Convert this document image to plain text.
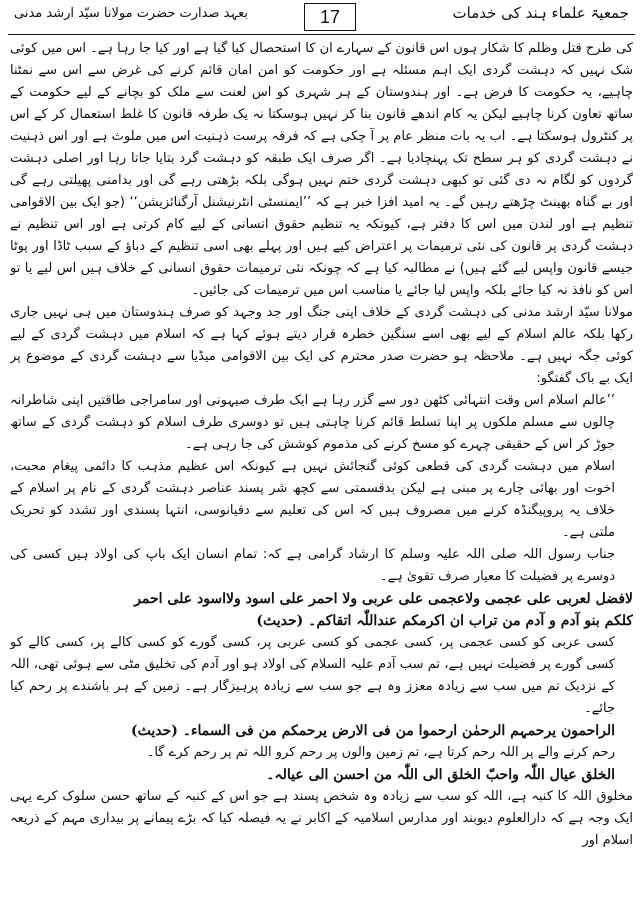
بعہد صدارت حضرت مولانا سیّد ارشد مدنی	17	جمعیۃ علماء ہند کی خدمات

کی طرح قتل وظلم کا شکار ہوں اس قانون کے سہارے ان کا استحصال کیا گیا ہے اور کیا جا رہا ہے۔ اس میں کوئی شک نہیں کہ دہشت گردی ایک اہم مسئلہ ہے اور حکومت کو امن امان قائم کرنے کی غرض سے اس سے نمٹنا چاہیے، یہ حکومت کا فرض ہے۔ اور ہندوستان کے ہر شہری کو اس لعنت سے ملک کو بچانے کے لیے حکومت کے ساتھ تعاون کرنا چاہیے لیکن یہ کام اندھے قانون بنا کر نہیں ہوسکتا نہ یک طرفہ قانون کا غلط استعمال کر کے اس پر کنٹرول ہوسکتا ہے۔ اب یہ بات منظر عام پر آ چکی ہے کہ فرقہ پرست ذہنیت اس میں ملوث ہے اور اس ذہنیت نے دہشت گردی کو ہر سطح تک پہنچادیا ہے۔ اگر صرف ایک طبقہ کو دہشت گرد بتایا جاتا رہا اور اصلی دہشت گردوں کو لگام نہ دی گئی تو کبھی دہشت گردی ختم نہیں ہوگی بلکہ بڑھتی رہے گی اور بدامنی پھیلتی رہے گی اور بے گناہ بھینٹ چڑھتے رہیں گے۔ یہ امید افزا خبر ہے کہ ’’ایمنسٹی انٹرنیشنل آرگنائزیشن‘‘ (جو ایک بین الاقوامی تنظیم ہے اور لندن میں اس کا دفتر ہے، کیونکہ یہ تنظیم حقوق انسانی کے لیے کام کرتی ہے اور اس تنظیم نے دہشت گردی پر قانون کی نئی ترمیمات پر اعتراض کیے ہیں اور پہلے بھی اسی تنظیم کے دباؤ کے سبب ٹاڈا اور پوٹا جیسے قانون واپس لیے گئے ہیں) نے مطالبہ کیا ہے کہ چونکہ نئی ترمیمات حقوق انسانی کے خلاف ہیں اس لیے یا تو اس کو نافذ نہ کیا جائے بلکہ واپس لیا جائے یا مناسب اس میں ترمیمات کی جائیں۔

مولانا سیّد ارشد مدنی کی دہشت گردی کے خلاف اپنی جنگ اور جد وجہد کو صرف ہندوستان میں ہی نہیں جاری رکھا بلکہ عالم اسلام کے لیے بھی اسے سنگین خطرہ قرار دیتے ہوئے کہا ہے کہ اسلام میں دہشت گردی کے لیے کوئی جگہ نہیں ہے۔ ملاحظہ ہو حضرت صدر محترم کی ایک بین الاقوامی میڈیا سے دہشت گردی کے موضوع پر ایک بے باک گفتگو:

’’عالم اسلام اس وقت انتہائی کٹھن دور سے گزر رہا ہے ایک طرف صیہونی اور سامراجی طاقتیں اپنی شاطرانہ چالوں سے مسلم ملکوں پر اپنا تسلط قائم کرنا چاہتی ہیں تو دوسری طرف اسلام کو دہشت گردی کے ساتھ جوڑ کر اس کے حقیقی چہرے کو مسخ کرنے کی مذموم کوشش کی جا رہی ہے۔

اسلام میں دہشت گردی کی قطعی کوئی گنجائش نہیں ہے کیونکہ اس عظیم مذہب کا دائمی پیغام محبت، اخوت اور بھائی چارے پر مبنی ہے لیکن بدقسمتی سے کچھ شر پسند عناصر دہشت گردی کے نام پر اسلام کے خلاف یہ پروپیگنڈہ کرنے میں مصروف ہیں کہ اس کی تعلیم سے دقیانوسی، انتہا پسندی اور تشدد کو تحریک ملتی ہے۔

جناب رسول اللہ صلی اللہ علیہ وسلم کا ارشاد گرامی ہے کہ: تمام انسان ایک باپ کی اولاد ہیں کسی کی دوسرے پر فضیلت کا معیار صرف تقویٰ ہے۔

لافضل لعربی علی عجمی ولاعجمی علی عربی ولا احمر علی اسود ولااسود علی احمر

کلکم بنو آدم و آدم من تراب ان اکرمکم عنداللّٰہ اتقاکم۔ (حدیث)

کسی عربی کو کسی عجمی پر، کسی عجمی کو کسی عربی پر، کسی گورے کو کسی کالے پر، کسی کالے کو کسی گورے پر فضیلت نہیں ہے، تم سب آدم علیہ السلام کی اولاد ہو اور آدم کی تخلیق مٹی سے ہوئی تھی، اللہ کے نزدیک تم میں سب سے زیادہ معزز وہ ہے جو سب سے زیادہ پرہیزگار ہے۔ زمین کے ہر باشندے پر رحم کیا جائے۔

الراحمون یرحمہم الرحمٰن ارحموا من فی الارض یرحمکم من فی السماء۔ (حدیث)

رحم کرنے والے پر اللہ رحم کرتا ہے، تم زمین والوں پر رحم کرو اللہ تم پر رحم کرے گا۔

الخلق عیال اللّٰہ واحبّ الخلق الی اللّٰہ من احسن الی عیالہ۔

مخلوق اللہ کا کنبہ ہے، اللہ کو سب سے زیادہ وہ شخص پسند ہے جو اس کے کنبہ کے ساتھ حسن سلوک کرے یہی ایک وجہ ہے کہ دارالعلوم دیوبند اور مدارس اسلامیہ کے اکابر نے یہ فیصلہ کیا کہ بڑے پیمانے پر بیداری مہم کے ذریعہ اسلام اور
